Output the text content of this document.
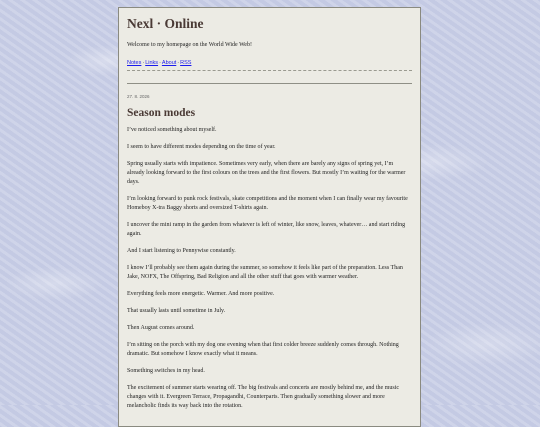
Nexl · Online

Welcome to my homepage on the World Wide Web!

Notes·Links·About·RSS
27. 8. 2026
Season modes

I’ve noticed something about myself.

I seem to have different modes depending on the time of year.

Spring usually starts with impatience. Sometimes very early, when there are barely any signs of spring yet, I’m already looking forward to the first colours on the trees and the first flowers. But mostly I’m waiting for the warmer days.

I’m looking forward to punk rock festivals, skate competitions and the moment when I can finally wear my favourite Homeboy X-tra Baggy shorts and oversized T-shirts again.

I uncover the mini ramp in the garden from whatever is left of winter, like snow, leaves, whatever… and start riding again.

And I start listening to Pennywise constantly.

I know I’ll probably see them again during the summer, so somehow it feels like part of the preparation. Less Than Jake, NOFX, The Offspring, Bad Religion and all the other stuff that goes with warmer weather.

Everything feels more energetic. Warmer. And more positive.

That usually lasts until sometime in July.

Then August comes around.

I’m sitting on the porch with my dog one evening when that first colder breeze suddenly comes through. Nothing dramatic. But somehow I know exactly what it means.

Something switches in my head.

The excitement of summer starts wearing off. The big festivals and concerts are mostly behind me, and the music changes with it. Evergreen Terrace, Propagandhi, Counterparts. Then gradually something slower and more melancholic finds its way back into the rotation.
